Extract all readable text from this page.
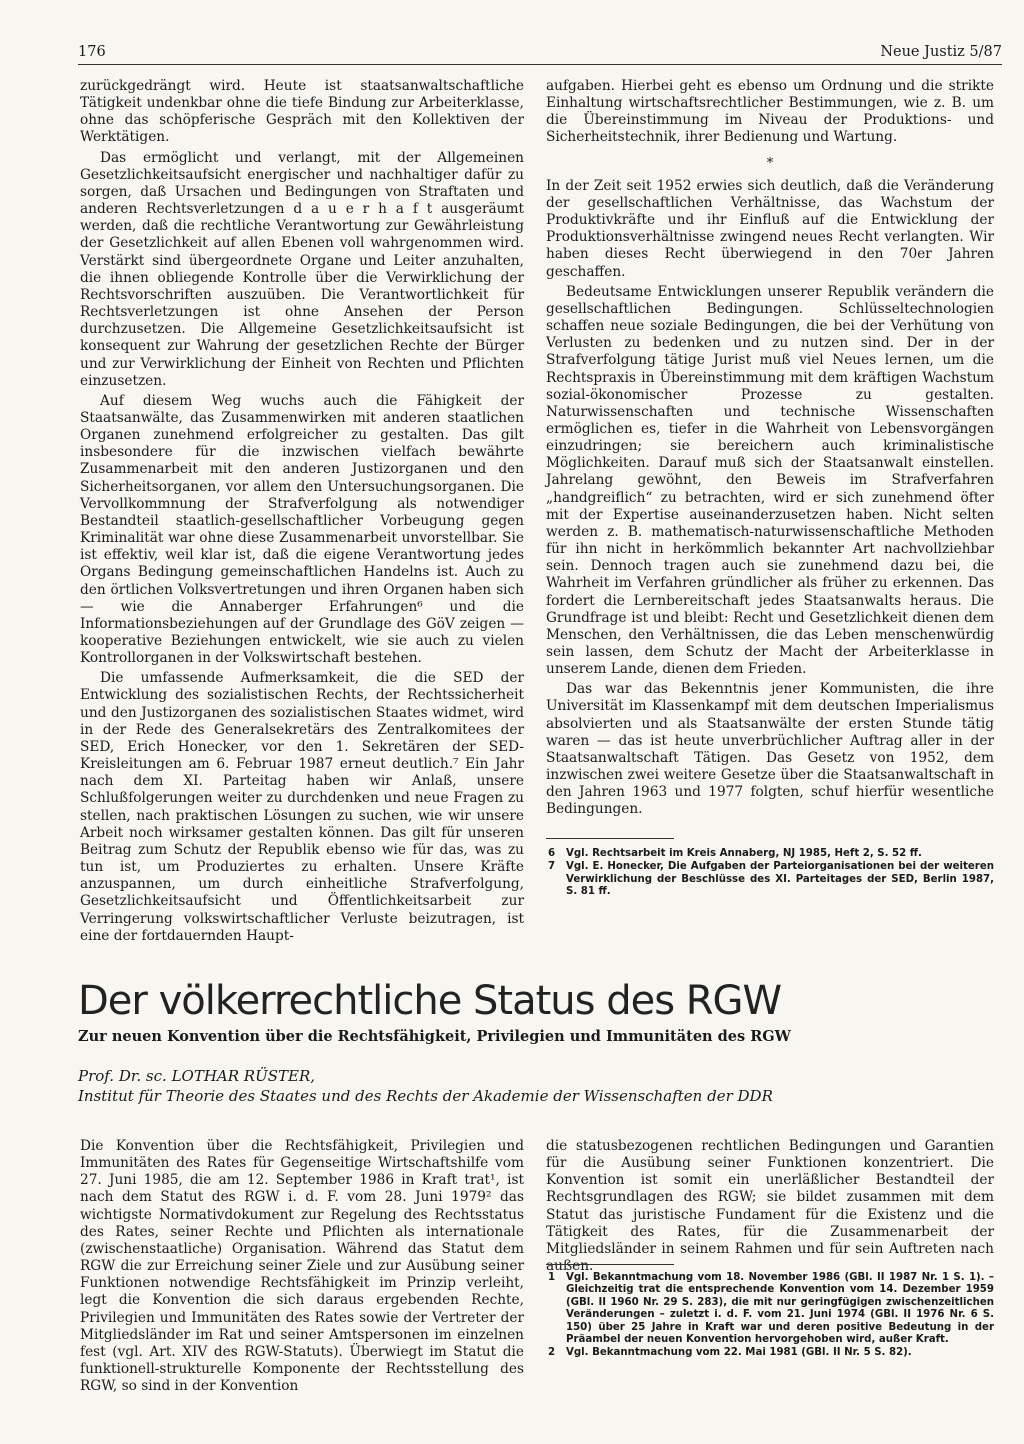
176	Neue Justiz 5/87

zurückgedrängt wird. Heute ist staatsanwaltschaftliche Tätigkeit undenkbar ohne die tiefe Bindung zur Arbeiterklasse, ohne das schöpferische Gespräch mit den Kollektiven der Werktätigen.

Das ermöglicht und verlangt, mit der Allgemeinen Gesetzlichkeitsaufsicht energischer und nachhaltiger dafür zu sorgen, daß Ursachen und Bedingungen von Straftaten und anderen Rechtsverletzungen d a u e r h a f t ausgeräumt werden, daß die rechtliche Verantwortung zur Gewährleistung der Gesetzlichkeit auf allen Ebenen voll wahrgenommen wird. Verstärkt sind übergeordnete Organe und Leiter anzuhalten, die ihnen obliegende Kontrolle über die Verwirklichung der Rechtsvorschriften auszuüben. Die Verantwortlichkeit für Rechtsverletzungen ist ohne Ansehen der Person durchzusetzen. Die Allgemeine Gesetzlichkeitsaufsicht ist konsequent zur Wahrung der gesetzlichen Rechte der Bürger und zur Verwirklichung der Einheit von Rechten und Pflichten einzusetzen.

Auf diesem Weg wuchs auch die Fähigkeit der Staatsanwälte, das Zusammenwirken mit anderen staatlichen Organen zunehmend erfolgreicher zu gestalten. Das gilt insbesondere für die inzwischen vielfach bewährte Zusammenarbeit mit den anderen Justizorganen und den Sicherheitsorganen, vor allem den Untersuchungsorganen. Die Vervollkommnung der Strafverfolgung als notwendiger Bestandteil staatlich-gesellschaftlicher Vorbeugung gegen Kriminalität war ohne diese Zusammenarbeit unvorstellbar. Sie ist effektiv, weil klar ist, daß die eigene Verantwortung jedes Organs Bedingung gemeinschaftlichen Handelns ist. Auch zu den örtlichen Volksvertretungen und ihren Organen haben sich — wie die Annaberger Erfahrungen⁶ und die Informationsbeziehungen auf der Grundlage des GöV zeigen — kooperative Beziehungen entwickelt, wie sie auch zu vielen Kontrollorganen in der Volkswirtschaft bestehen.

Die umfassende Aufmerksamkeit, die die SED der Entwicklung des sozialistischen Rechts, der Rechtssicherheit und den Justizorganen des sozialistischen Staates widmet, wird in der Rede des Generalsekretärs des Zentralkomitees der SED, Erich Honecker, vor den 1. Sekretären der SED-Kreisleitungen am 6. Februar 1987 erneut deutlich.⁷ Ein Jahr nach dem XI. Parteitag haben wir Anlaß, unsere Schlußfolgerungen weiter zu durchdenken und neue Fragen zu stellen, nach praktischen Lösungen zu suchen, wie wir unsere Arbeit noch wirksamer gestalten können. Das gilt für unseren Beitrag zum Schutz der Republik ebenso wie für das, was zu tun ist, um Produziertes zu erhalten. Unsere Kräfte anzuspannen, um durch einheitliche Strafverfolgung, Gesetzlichkeitsaufsicht und Öffentlichkeitsarbeit zur Verringerung volkswirtschaftlicher Verluste beizutragen, ist eine der fortdauernden Haupt-

aufgaben. Hierbei geht es ebenso um Ordnung und die strikte Einhaltung wirtschaftsrechtlicher Bestimmungen, wie z. B. um die Übereinstimmung im Niveau der Produktions- und Sicherheitstechnik, ihrer Bedienung und Wartung.

*

In der Zeit seit 1952 erwies sich deutlich, daß die Veränderung der gesellschaftlichen Verhältnisse, das Wachstum der Produktivkräfte und ihr Einfluß auf die Entwicklung der Produktionsverhältnisse zwingend neues Recht verlangten. Wir haben dieses Recht überwiegend in den 70er Jahren geschaffen.

Bedeutsame Entwicklungen unserer Republik verändern die gesellschaftlichen Bedingungen. Schlüsseltechnologien schaffen neue soziale Bedingungen, die bei der Verhütung von Verlusten zu bedenken und zu nutzen sind. Der in der Strafverfolgung tätige Jurist muß viel Neues lernen, um die Rechtspraxis in Übereinstimmung mit dem kräftigen Wachstum sozial-ökonomischer Prozesse zu gestalten. Naturwissenschaften und technische Wissenschaften ermöglichen es, tiefer in die Wahrheit von Lebensvorgängen einzudringen; sie bereichern auch kriminalistische Möglichkeiten. Darauf muß sich der Staatsanwalt einstellen. Jahrelang gewöhnt, den Beweis im Strafverfahren „handgreiflich“ zu betrachten, wird er sich zunehmend öfter mit der Expertise auseinanderzusetzen haben. Nicht selten werden z. B. mathematisch-naturwissenschaftliche Methoden für ihn nicht in herkömmlich bekannter Art nachvollziehbar sein. Dennoch tragen auch sie zunehmend dazu bei, die Wahrheit im Verfahren gründlicher als früher zu erkennen. Das fordert die Lernbereitschaft jedes Staatsanwalts heraus. Die Grundfrage ist und bleibt: Recht und Gesetzlichkeit dienen dem Menschen, den Verhältnissen, die das Leben menschenwürdig sein lassen, dem Schutz der Macht der Arbeiterklasse in unserem Lande, dienen dem Frieden.

Das war das Bekenntnis jener Kommunisten, die ihre Universität im Klassenkampf mit dem deutschen Imperialismus absolvierten und als Staatsanwälte der ersten Stunde tätig waren — das ist heute unverbrüchlicher Auftrag aller in der Staatsanwaltschaft Tätigen. Das Gesetz von 1952, dem inzwischen zwei weitere Gesetze über die Staatsanwaltschaft in den Jahren 1963 und 1977 folgten, schuf hierfür wesentliche Bedingungen.

6 Vgl. Rechtsarbeit im Kreis Annaberg, NJ 1985, Heft 2, S. 52 ff.
7 Vgl. E. Honecker, Die Aufgaben der Parteiorganisationen bei der weiteren Verwirklichung der Beschlüsse des XI. Parteitages der SED, Berlin 1987, S. 81 ff.
Der völkerrechtliche Status des RGW
Zur neuen Konvention über die Rechtsfähigkeit, Privilegien und Immunitäten des RGW
Prof. Dr. sc. LOTHAR RÜSTER,
Institut für Theorie des Staates und des Rechts der Akademie der Wissenschaften der DDR

Die Konvention über die Rechtsfähigkeit, Privilegien und Immunitäten des Rates für Gegenseitige Wirtschaftshilfe vom 27. Juni 1985, die am 12. September 1986 in Kraft trat¹, ist nach dem Statut des RGW i. d. F. vom 28. Juni 1979² das wichtigste Normativdokument zur Regelung des Rechtsstatus des Rates, seiner Rechte und Pflichten als internationale (zwischenstaatliche) Organisation. Während das Statut dem RGW die zur Erreichung seiner Ziele und zur Ausübung seiner Funktionen notwendige Rechtsfähigkeit im Prinzip verleiht, legt die Konvention die sich daraus ergebenden Rechte, Privilegien und Immunitäten des Rates sowie der Vertreter der Mitgliedsländer im Rat und seiner Amtspersonen im einzelnen fest (vgl. Art. XIV des RGW-Statuts). Überwiegt im Statut die funktionell-strukturelle Komponente der Rechtsstellung des RGW, so sind in der Konvention

die statusbezogenen rechtlichen Bedingungen und Garantien für die Ausübung seiner Funktionen konzentriert. Die Konvention ist somit ein unerläßlicher Bestandteil der Rechtsgrundlagen des RGW; sie bildet zusammen mit dem Statut das juristische Fundament für die Existenz und die Tätigkeit des Rates, für die Zusammenarbeit der Mitgliedsländer in seinem Rahmen und für sein Auftreten nach außen.

1 Vgl. Bekanntmachung vom 18. November 1986 (GBl. II 1987 Nr. 1 S. 1). – Gleichzeitig trat die entsprechende Konvention vom 14. Dezember 1959 (GBl. II 1960 Nr. 29 S. 283), die mit nur geringfügigen zwischenzeitlichen Veränderungen – zuletzt i. d. F. vom 21. Juni 1974 (GBl. II 1976 Nr. 6 S. 150) über 25 Jahre in Kraft war und deren positive Bedeutung in der Präambel der neuen Konvention hervorgehoben wird, außer Kraft.
2 Vgl. Bekanntmachung vom 22. Mai 1981 (GBl. II Nr. 5 S. 82).
